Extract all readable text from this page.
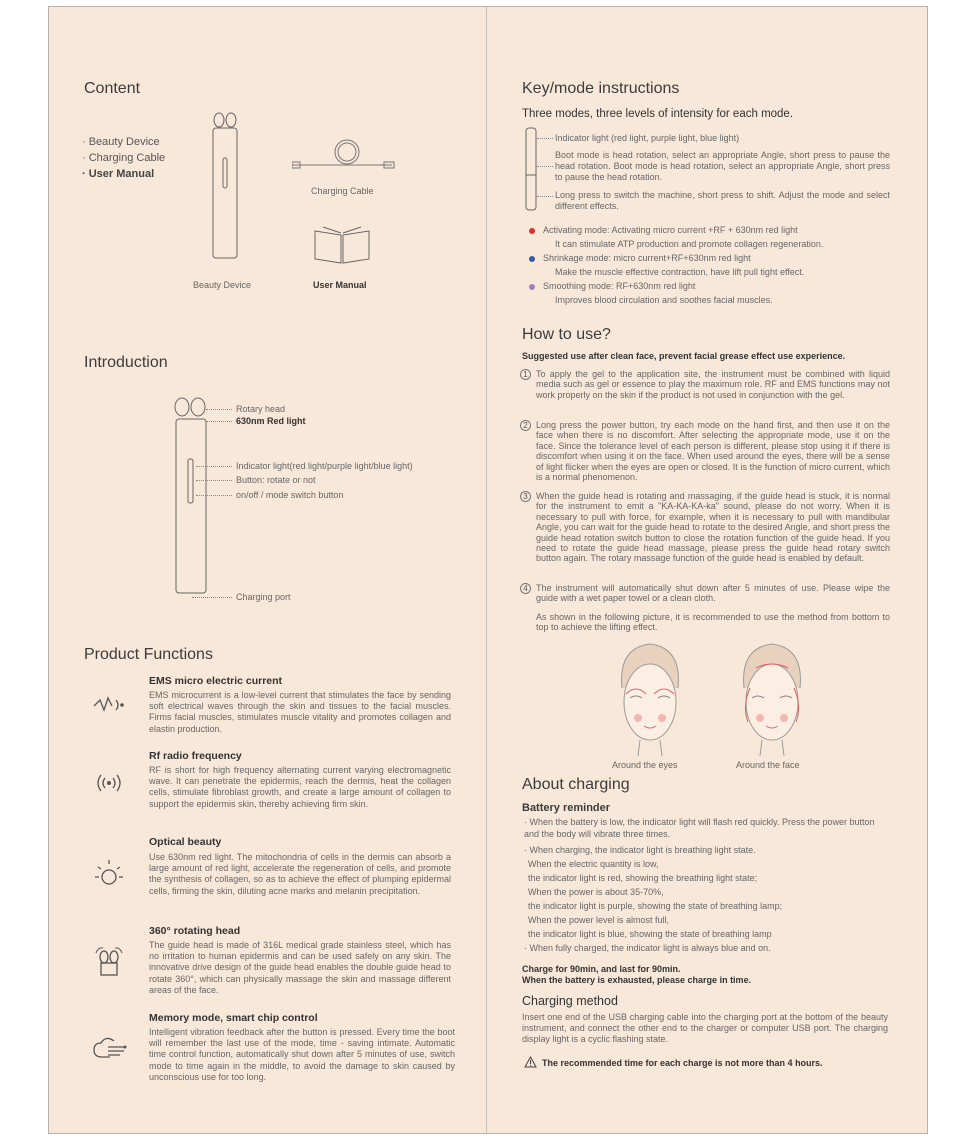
Content
· Beauty Device
· Charging Cable
· User Manual
Beauty Device
Charging Cable
User Manual
Introduction
Rotary head
630nm Red light
Indicator light(red light/purple light/blue light)
Button: rotate or not
on/off / mode switch button
Charging port
Product Functions
EMS micro electric current
EMS microcurrent is a low-level current that stimulates the face by sending soft electrical waves through the skin and tissues to the facial muscles. Firms facial muscles, stimulates muscle vitality and promotes collagen and elastin production.
Rf radio frequency
RF is short for high frequency alternating current varying electromagnetic wave. It can penetrate the epidermis, reach the dermis, heat the collagen cells, stimulate fibroblast growth, and create a large amount of collagen to support the epidermis skin, thereby achieving firm skin.
Optical beauty
Use 630nm red light. The mitochondria of cells in the dermis can absorb a large amount of red light, accelerate the regeneration of cells, and promote the synthesis of collagen, so as to achieve the effect of plumping epidermal cells, firming the skin, diluting acne marks and melanin precipitation.
360° rotating head
The guide head is made of 316L medical grade stainless steel, which has no irritation to human epidermis and can be used safely on any skin. The innovative drive design of the guide head enables the double guide head to rotate 360°, which can physically massage the skin and massage different areas of the face.
Memory mode, smart chip control
Intelligent vibration feedback after the button is pressed. Every time the boot will remember the last use of the mode, time - saving intimate. Automatic time control function, automatically shut down after 5 minutes of use, switch mode to time again in the middle, to avoid the damage to skin caused by unconscious use for too long.
Key/mode instructions
Three modes, three levels of intensity for each mode.
Indicator light (red light, purple light, blue light)
Boot mode is head rotation, select an appropriate Angle, short press to pause the head rotation. Boot mode is head rotation, select an appropriate Angle, short press to pause the head rotation.
Long press to switch the machine, short press to shift. Adjust the mode and select different effects.
Activating mode: Activating micro current +RF + 630nm red light
It can stimulate ATP production and promote collagen regeneration.
Shrinkage mode: micro current+RF+630nm red light
Make the muscle effective contraction, have lift pull tight effect.
Smoothing mode: RF+630nm red light
Improves blood circulation and soothes facial muscles.
How to use?
Suggested use after clean face, prevent facial grease effect use experience.
1 To apply the gel to the application site, the instrument must be combined with liquid media such as gel or essence to play the maximum role. RF and EMS functions may not work properly on the skin if the product is not used in conjunction with the gel.
2 Long press the power button, try each mode on the hand first, and then use it on the face when there is no discomfort. After selecting the appropriate mode, use it on the face. Since the tolerance level of each person is different, please stop using it if there is discomfort when using it on the face. When used around the eyes, there will be a sense of light flicker when the eyes are open or closed. It is the function of micro current, which is a normal phenomenon.
3 When the guide head is rotating and massaging, if the guide head is stuck, it is normal for the instrument to emit a "KA-KA-KA-ka" sound, please do not worry. When it is necessary to pull with force, for example, when it is necessary to pull with mandibular Angle, you can wait for the guide head to rotate to the desired Angle, and short press the guide head rotation switch button to close the rotation function of the guide head. If you need to rotate the guide head massage, please press the guide head rotary switch button again. The rotary massage function of the guide head is enabled by default.
4 The instrument will automatically shut down after 5 minutes of use. Please wipe the guide with a wet paper towel or a clean cloth.
As shown in the following picture, it is recommended to use the method from bottom to top to achieve the lifting effect.
Around the eyes	Around the face
About charging
Battery reminder

· When the battery is low, the indicator light will flash red quickly. Press the power button and the body will vibrate three times.

· When charging, the indicator light is breathing light state.

When the electric quantity is low,

the indicator light is red, showing the breathing light state;

When the power is about 35-70%,

the indicator light is purple, showing the state of breathing lamp;

When the power level is almost full,

the indicator light is blue, showing the state of breathing lamp

· When fully charged, the indicator light is always blue and on.

Charge for 90min, and last for 90min.
When the battery is exhausted, please charge in time.
Charging method
Insert one end of the USB charging cable into the charging port at the bottom of the beauty instrument, and connect the other end to the charger or computer USB port. The charging display light is a cyclic flashing state.
The recommended time for each charge is not more than 4 hours.
